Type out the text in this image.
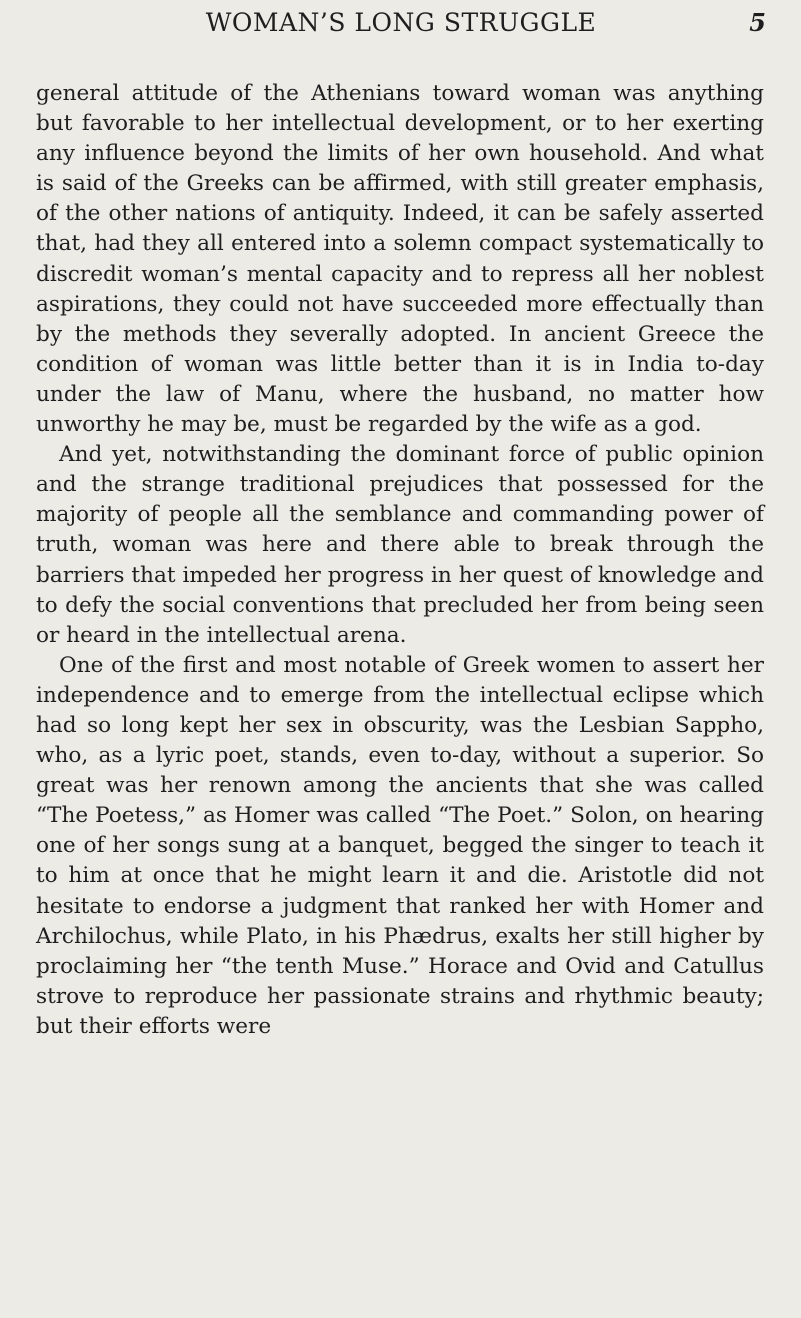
WOMAN’S LONG STRUGGLE	5

general attitude of the Athenians toward woman was anything but favorable to her intellectual development, or to her exerting any influence beyond the limits of her own household. And what is said of the Greeks can be affirmed, with still greater emphasis, of the other nations of antiquity. Indeed, it can be safely asserted that, had they all entered into a solemn compact systematically to discredit woman’s mental capacity and to repress all her noblest aspirations, they could not have succeeded more effectually than by the methods they severally adopted. In ancient Greece the condition of woman was little better than it is in India to-day under the law of Manu, where the husband, no matter how unworthy he may be, must be regarded by the wife as a god.

And yet, notwithstanding the dominant force of public opinion and the strange traditional prejudices that possessed for the majority of people all the semblance and commanding power of truth, woman was here and there able to break through the barriers that impeded her progress in her quest of knowledge and to defy the social conventions that precluded her from being seen or heard in the intellectual arena.

One of the first and most notable of Greek women to assert her independence and to emerge from the intellectual eclipse which had so long kept her sex in obscurity, was the Lesbian Sappho, who, as a lyric poet, stands, even to-day, without a superior. So great was her renown among the ancients that she was called “The Poetess,” as Homer was called “The Poet.” Solon, on hearing one of her songs sung at a banquet, begged the singer to teach it to him at once that he might learn it and die. Aristotle did not hesitate to endorse a judgment that ranked her with Homer and Archilochus, while Plato, in his Phædrus, exalts her still higher by proclaiming her “the tenth Muse.” Horace and Ovid and Catullus strove to reproduce her passionate strains and rhythmic beauty; but their efforts were
